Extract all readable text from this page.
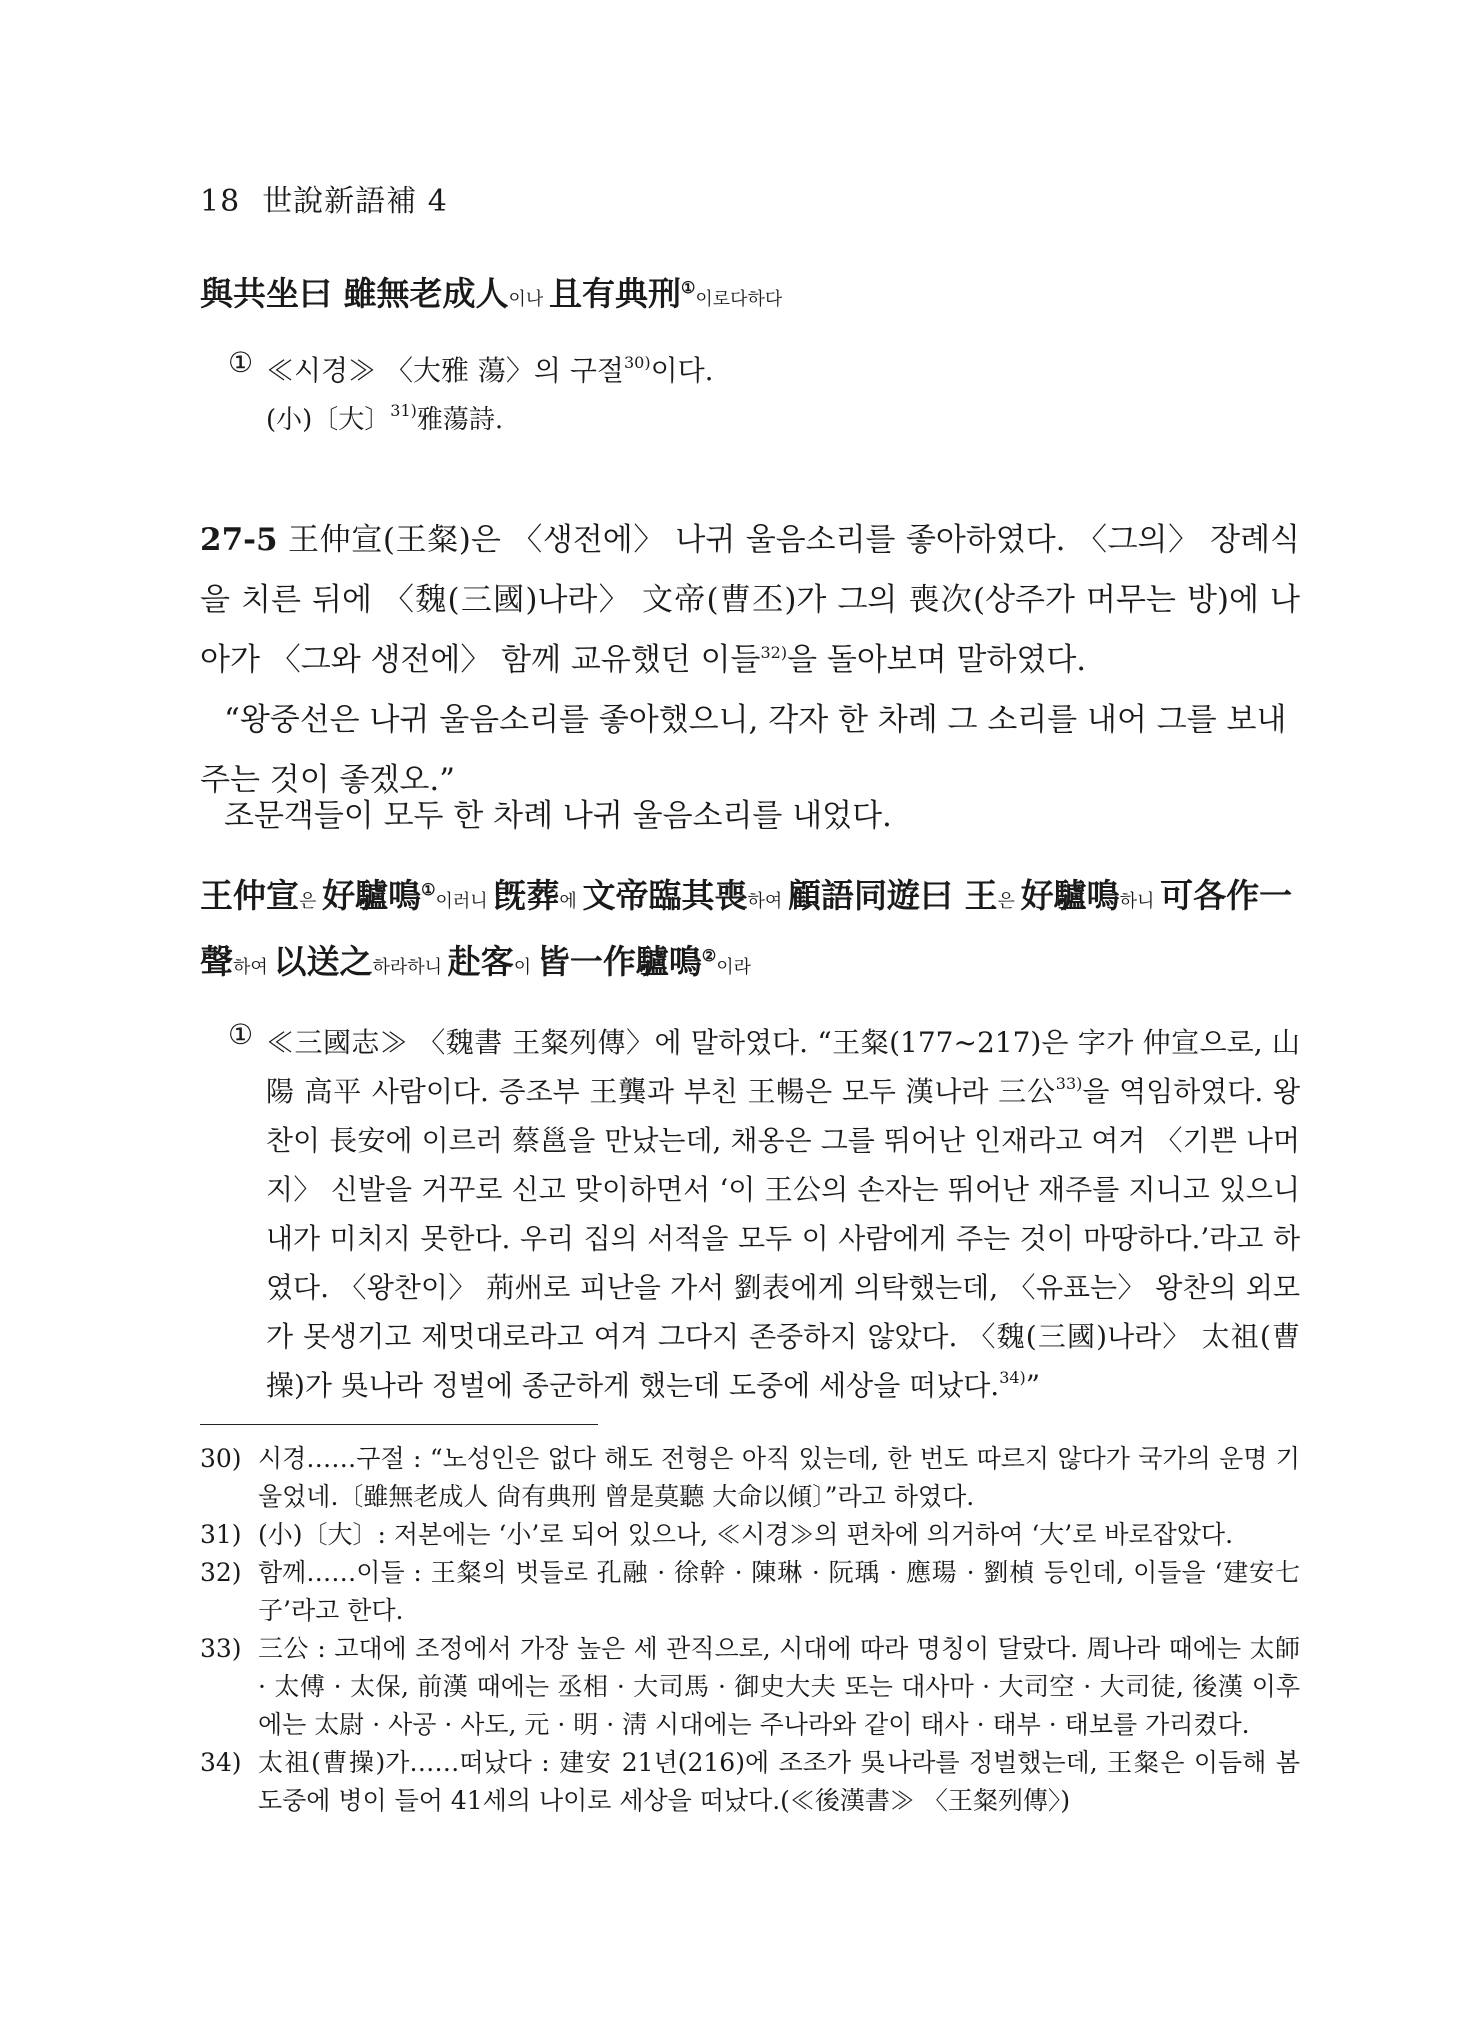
18 世說新語補 4
與共坐曰 雖無老成人이나 且有典刑①이로다하다
① ≪시경≫ 〈大雅 蕩〉의 구절$^{30)}$이다.
(小)〔大〕$^{31)}$雅蕩詩.
27-5 王仲宣(王粲)은 〈생전에〉 나귀 울음소리를 좋아하였다. 〈그의〉 장례식을 치른 뒤에 〈魏(三國)나라〉 文帝(曹丕)가 그의 喪次(상주가 머무는 방)에 나아가 〈그와 생전에〉 함께 교유했던 이들$^{32)}$을 돌아보며 말하였다.
“왕중선은 나귀 울음소리를 좋아했으니, 각자 한 차례 그 소리를 내어 그를 보내주는 것이 좋겠오.”
조문객들이 모두 한 차례 나귀 울음소리를 내었다.
王仲宣은 好驢鳴①이러니 旣葬에 文帝臨其喪하여 顧語同遊曰 王은 好驢鳴하니 可各作一
聲하여 以送之하라하니 赴客이 皆一作驢鳴②이라
① ≪三國志≫ 〈魏書 王粲列傳〉에 말하였다. “王粲(177~217)은 字가 仲宣으로, 山陽 高平 사람이다. 증조부 王龔과 부친 王暢은 모두 漢나라 三公$^{33)}$을 역임하였다. 왕찬이 長安에 이르러 蔡邕을 만났는데, 채옹은 그를 뛰어난 인재라고 여겨 〈기쁜 나머지〉 신발을 거꾸로 신고 맞이하면서 ‘이 王公의 손자는 뛰어난 재주를 지니고 있으니 내가 미치지 못한다. 우리 집의 서적을 모두 이 사람에게 주는 것이 마땅하다.’라고 하였다. 〈왕찬이〉 荊州로 피난을 가서 劉表에게 의탁했는데, 〈유표는〉 왕찬의 외모가 못생기고 제멋대로라고 여겨 그다지 존중하지 않았다. 〈魏(三國)나라〉 太祖(曹操)가 吳나라 정벌에 종군하게 했는데 도중에 세상을 떠났다.$^{34)}$”
30) 시경……구절 : “노성인은 없다 해도 전형은 아직 있는데, 한 번도 따르지 않다가 국가의 운명 기울었네.〔雖無老成人 尙有典刑 曾是莫聽 大命以傾〕”라고 하였다.
31) (小)〔大〕: 저본에는 ‘小’로 되어 있으나, ≪시경≫의 편차에 의거하여 ‘大’로 바로잡았다.
32) 함께……이들 : 王粲의 벗들로 孔融 · 徐幹 · 陳琳 · 阮瑀 · 應瑒 · 劉楨 등인데, 이들을 ‘建安七子’라고 한다.
33) 三公 : 고대에 조정에서 가장 높은 세 관직으로, 시대에 따라 명칭이 달랐다. 周나라 때에는 太師 · 太傅 · 太保, 前漢 때에는 丞相 · 大司馬 · 御史大夫 또는 대사마 · 大司空 · 大司徒, 後漢 이후에는 太尉 · 사공 · 사도, 元 · 明 · 淸 시대에는 주나라와 같이 태사 · 태부 · 태보를 가리켰다.
34) 太祖(曹操)가……떠났다 : 建安 21년(216)에 조조가 吳나라를 정벌했는데, 王粲은 이듬해 봄 도중에 병이 들어 41세의 나이로 세상을 떠났다.(≪後漢書≫ 〈王粲列傳〉)
